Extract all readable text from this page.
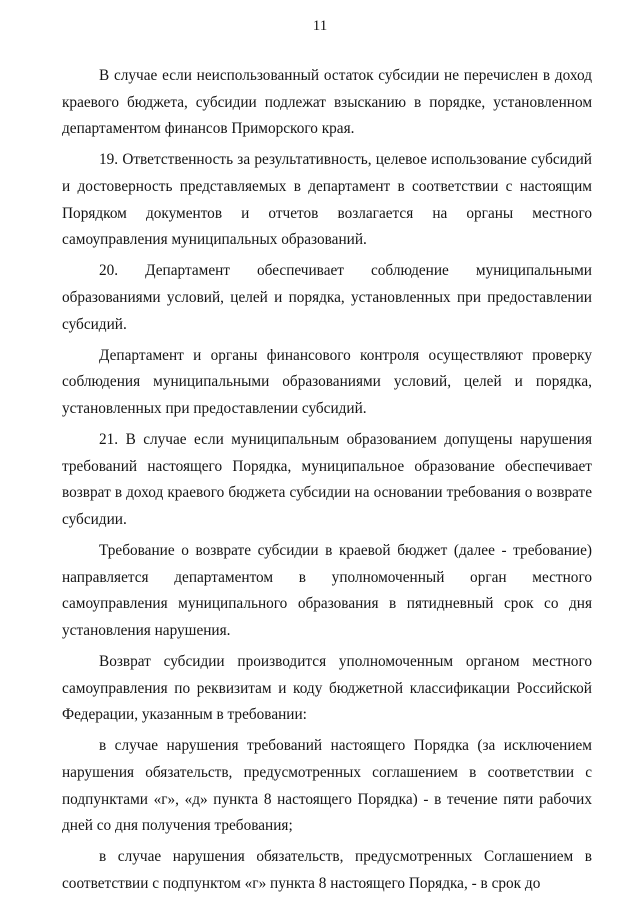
11

В случае если неиспользованный остаток субсидии не перечислен в доход краевого бюджета, субсидии подлежат взысканию в порядке, установленном департаментом финансов Приморского края.

19. Ответственность за результативность, целевое использование субсидий и достоверность представляемых в департамент в соответствии с настоящим Порядком документов и отчетов возлагается на органы местного самоуправления муниципальных образований.

20. Департамент обеспечивает соблюдение муниципальными образованиями условий, целей и порядка, установленных при предоставлении субсидий.

Департамент и органы финансового контроля осуществляют проверку соблюдения муниципальными образованиями условий, целей и порядка, установленных при предоставлении субсидий.

21. В случае если муниципальным образованием допущены нарушения требований настоящего Порядка, муниципальное образование обеспечивает возврат в доход краевого бюджета субсидии на основании требования о возврате субсидии.

Требование о возврате субсидии в краевой бюджет (далее - требование) направляется департаментом в уполномоченный орган местного самоуправления муниципального образования в пятидневный срок со дня установления нарушения.

Возврат субсидии производится уполномоченным органом местного самоуправления по реквизитам и коду бюджетной классификации Российской Федерации, указанным в требовании:

в случае нарушения требований настоящего Порядка (за исключением нарушения обязательств, предусмотренных соглашением в соответствии с подпунктами «г», «д» пункта 8 настоящего Порядка) - в течение пяти рабочих дней со дня получения требования;

в случае нарушения обязательств, предусмотренных Соглашением в соответствии с подпунктом «г» пункта 8 настоящего Порядка, - в срок до
